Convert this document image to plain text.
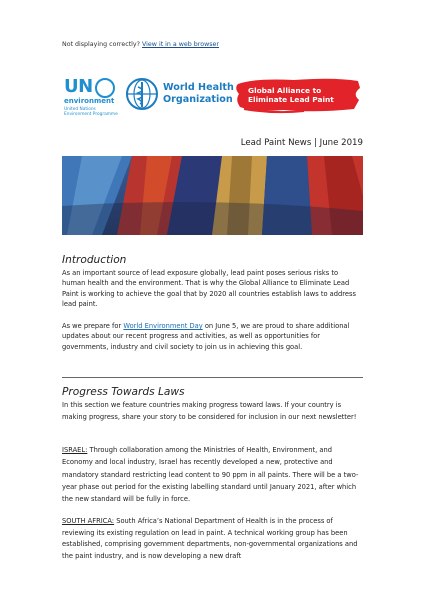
Not displaying correctly? View it in a web browser
UN
environment
United Nations
Environment Programme
World Health
Organization
Global Alliance to
Eliminate Lead Paint
Lead Paint News | June 2019
Introduction

As an important source of lead exposure globally, lead paint poses serious risks to human health and the environment. That is why the Global Alliance to Eliminate Lead Paint is working to achieve the goal that by 2020 all countries establish laws to address lead paint.

As we prepare for World Environment Day on June 5, we are proud to share additional updates about our recent progress and activities, as well as opportunities for governments, industry and civil society to join us in achieving this goal.

Progress Towards Laws

In this section we feature countries making progress toward laws. If your country is making progress, share your story to be considered for inclusion in our next newsletter!

ISRAEL: Through collaboration among the Ministries of Health, Environment, and Economy and local industry, Israel has recently developed a new, protective and mandatory standard restricting lead content to 90 ppm in all paints. There will be a two-year phase out period for the existing labelling standard until January 2021, after which the new standard will be fully in force.

SOUTH AFRICA: South Africa’s National Department of Health is in the process of reviewing its existing regulation on lead in paint. A technical working group has been established, comprising government departments, non-governmental organizations and the paint industry, and is now developing a new draft
